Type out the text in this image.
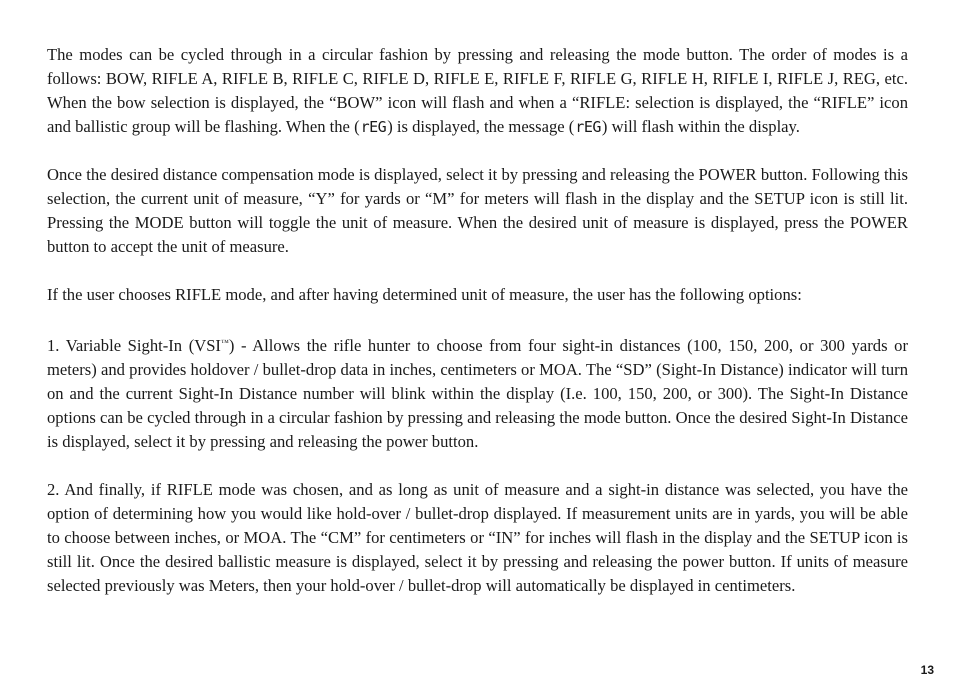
The modes can be cycled through in a circular fashion by pressing and releasing the mode button. The order of modes is a follows: BOW, RIFLE A, RIFLE B, RIFLE C, RIFLE D, RIFLE E, RIFLE F, RIFLE G, RIFLE H, RIFLE I, RIFLE J, REG, etc. When the bow selection is displayed, the “BOW” icon will flash and when a “RIFLE: selection is displayed, the “RIFLE” icon and ballistic group will be flashing. When the (rEG) is displayed, the message (rEG) will flash within the display.

Once the desired distance compensation mode is displayed, select it by pressing and releasing the POWER button. Following this selection, the current unit of measure, “Y” for yards or “M” for meters will flash in the display and the SETUP icon is still lit. Pressing the MODE button will toggle the unit of measure. When the desired unit of measure is displayed, press the POWER button to accept the unit of measure.

If the user chooses RIFLE mode, and after having determined unit of measure, the user has the following options:

1. Variable Sight-In (VSI™) - Allows the rifle hunter to choose from four sight-in distances (100, 150, 200, or 300 yards or meters) and provides holdover / bullet-drop data in inches, centimeters or MOA. The “SD” (Sight-In Distance) indicator will turn on and the current Sight-In Distance number will blink within the display (I.e. 100, 150, 200, or 300). The Sight-In Distance options can be cycled through in a circular fashion by pressing and releasing the mode button. Once the desired Sight-In Distance is displayed, select it by pressing and releasing the power button.

2. And finally, if RIFLE mode was chosen, and as long as unit of measure and a sight-in distance was selected, you have the option of determining how you would like hold-over / bullet-drop displayed. If measurement units are in yards, you will be able to choose between inches, or MOA. The “CM” for centimeters or “IN” for inches will flash in the display and the SETUP icon is still lit. Once the desired ballistic measure is displayed, select it by pressing and releasing the power button. If units of measure selected previously was Meters, then your hold-over / bullet-drop will automatically be displayed in centimeters.

13
